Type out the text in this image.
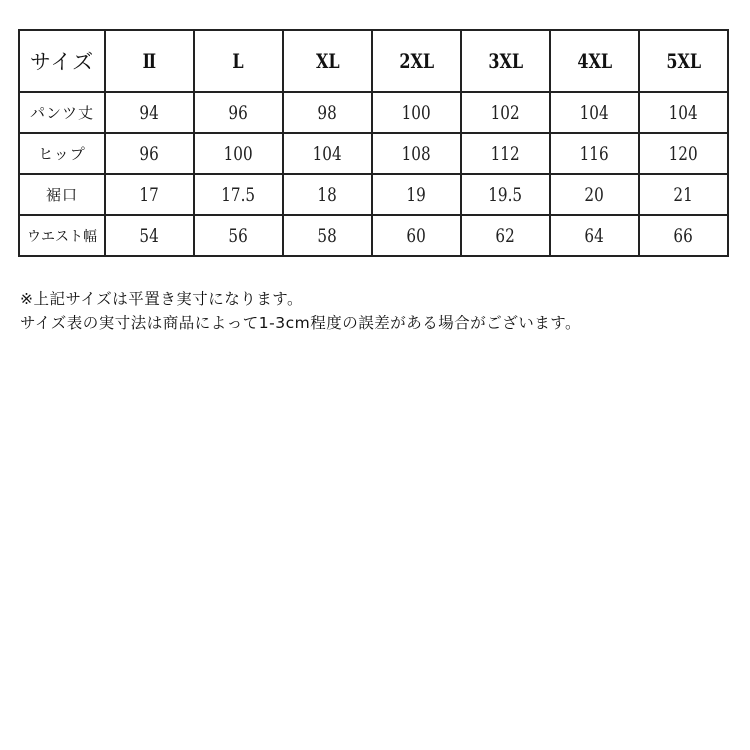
サイズ	Ⅱ	L	XL	2XL	3XL	4XL	5XL
パンツ丈	94	96	98	100	102	104	104
ヒップ	96	100	104	108	112	116	120
裾口	17	17.5	18	19	19.5	20	21
ウエスト幅	54	56	58	60	62	64	66
※上記サイズは平置き実寸になります。
サイズ表の実寸法は商品によって1-3cm程度の誤差がある場合がございます。
